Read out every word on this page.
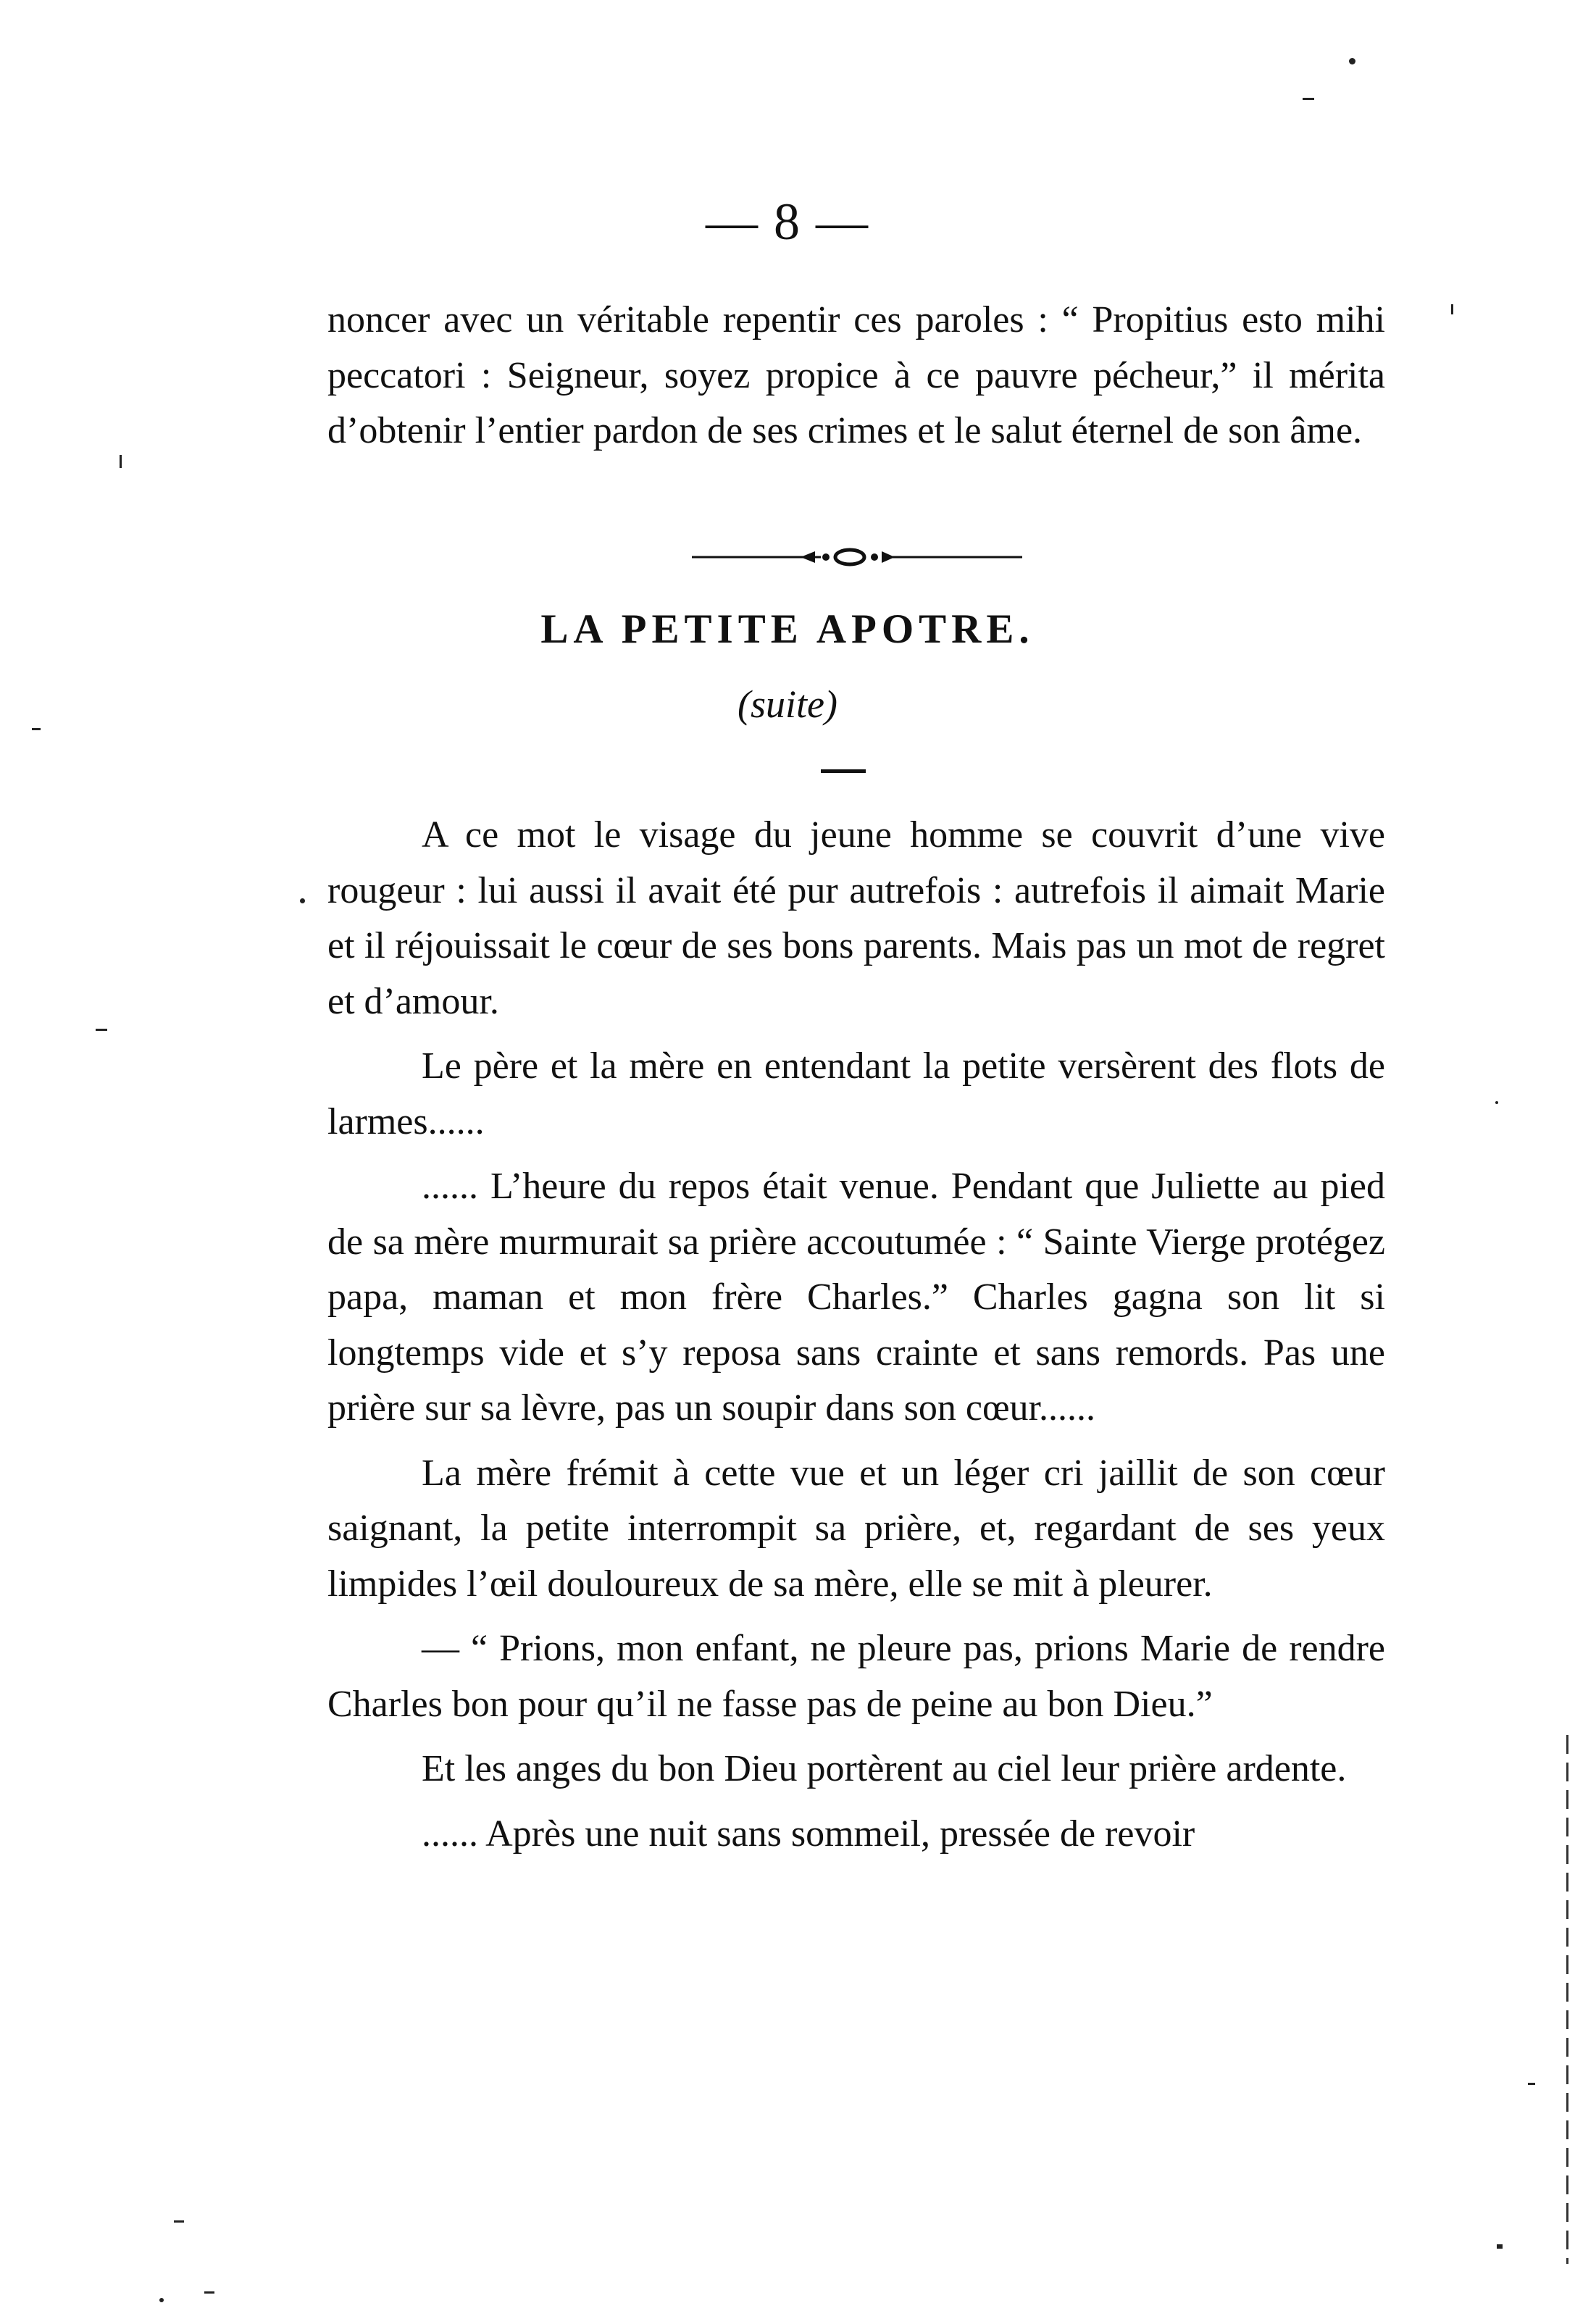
— 8 —

noncer avec un véritable repentir ces paroles : “ Propitius esto mihi peccatori : Seigneur, soyez propice à ce pauvre pécheur,” il mérita d’obtenir l’entier pardon de ses crimes et le salut éternel de son âme.

LA PETITE APOTRE.
(suite)

A ce mot le visage du jeune homme se couvrit d’une vive rougeur : lui aussi il avait été pur autrefois : autrefois il aimait Marie et il réjouissait le cœur de ses bons parents. Mais pas un mot de regret et d’amour.

Le père et la mère en entendant la petite versèrent des flots de larmes......

...... L’heure du repos était venue. Pendant que Juliette au pied de sa mère murmurait sa prière accoutumée : “ Sainte Vierge protégez papa, maman et mon frère Charles.” Charles gagna son lit si longtemps vide et s’y reposa sans crainte et sans remords. Pas une prière sur sa lèvre, pas un soupir dans son cœur......

La mère frémit à cette vue et un léger cri jaillit de son cœur saignant, la petite interrompit sa prière, et, regardant de ses yeux limpides l’œil douloureux de sa mère, elle se mit à pleurer.

— “ Prions, mon enfant, ne pleure pas, prions Marie de rendre Charles bon pour qu’il ne fasse pas de peine au bon Dieu.”

Et les anges du bon Dieu portèrent au ciel leur prière ardente.

...... Après une nuit sans sommeil, pressée de revoir
